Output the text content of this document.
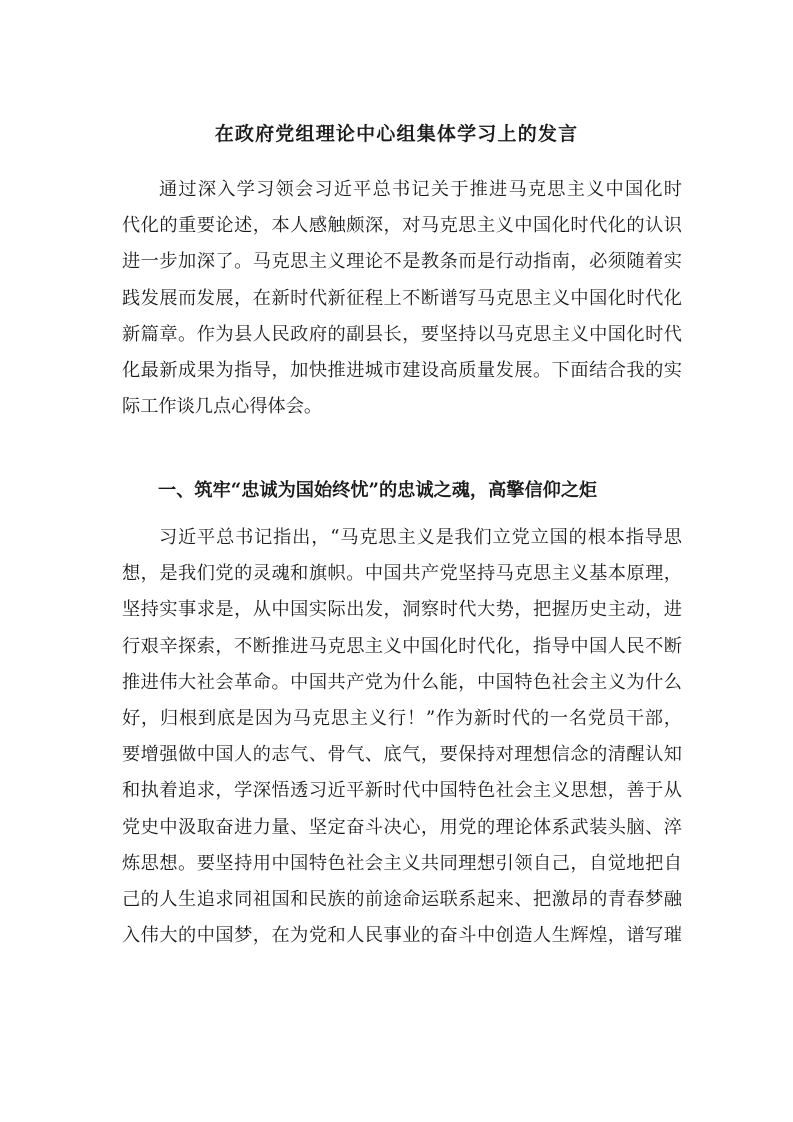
在政府党组理论中心组集体学习上的发言
通过深入学习领会习近平总书记关于推进马克思主义中国化时
代化的重要论述，本人感触颇深，对马克思主义中国化时代化的认识
进一步加深了。马克思主义理论不是教条而是行动指南，必须随着实
践发展而发展，在新时代新征程上不断谱写马克思主义中国化时代化
新篇章。作为县人民政府的副县长，要坚持以马克思主义中国化时代
化最新成果为指导，加快推进城市建设高质量发展。下面结合我的实
际工作谈几点心得体会。
一、筑牢“忠诚为国始终忧”的忠诚之魂，高擎信仰之炬
习近平总书记指出，“马克思主义是我们立党立国的根本指导思
想，是我们党的灵魂和旗帜。中国共产党坚持马克思主义基本原理，
坚持实事求是，从中国实际出发，洞察时代大势，把握历史主动，进
行艰辛探索，不断推进马克思主义中国化时代化，指导中国人民不断
推进伟大社会革命。中国共产党为什么能，中国特色社会主义为什么
好，归根到底是因为马克思主义行！”作为新时代的一名党员干部，
要增强做中国人的志气、骨气、底气，要保持对理想信念的清醒认知
和执着追求，学深悟透习近平新时代中国特色社会主义思想，善于从
党史中汲取奋进力量、坚定奋斗决心，用党的理论体系武装头脑、淬
炼思想。要坚持用中国特色社会主义共同理想引领自己，自觉地把自
己的人生追求同祖国和民族的前途命运联系起来、把激昂的青春梦融
入伟大的中国梦，在为党和人民事业的奋斗中创造人生辉煌，谱写璀
